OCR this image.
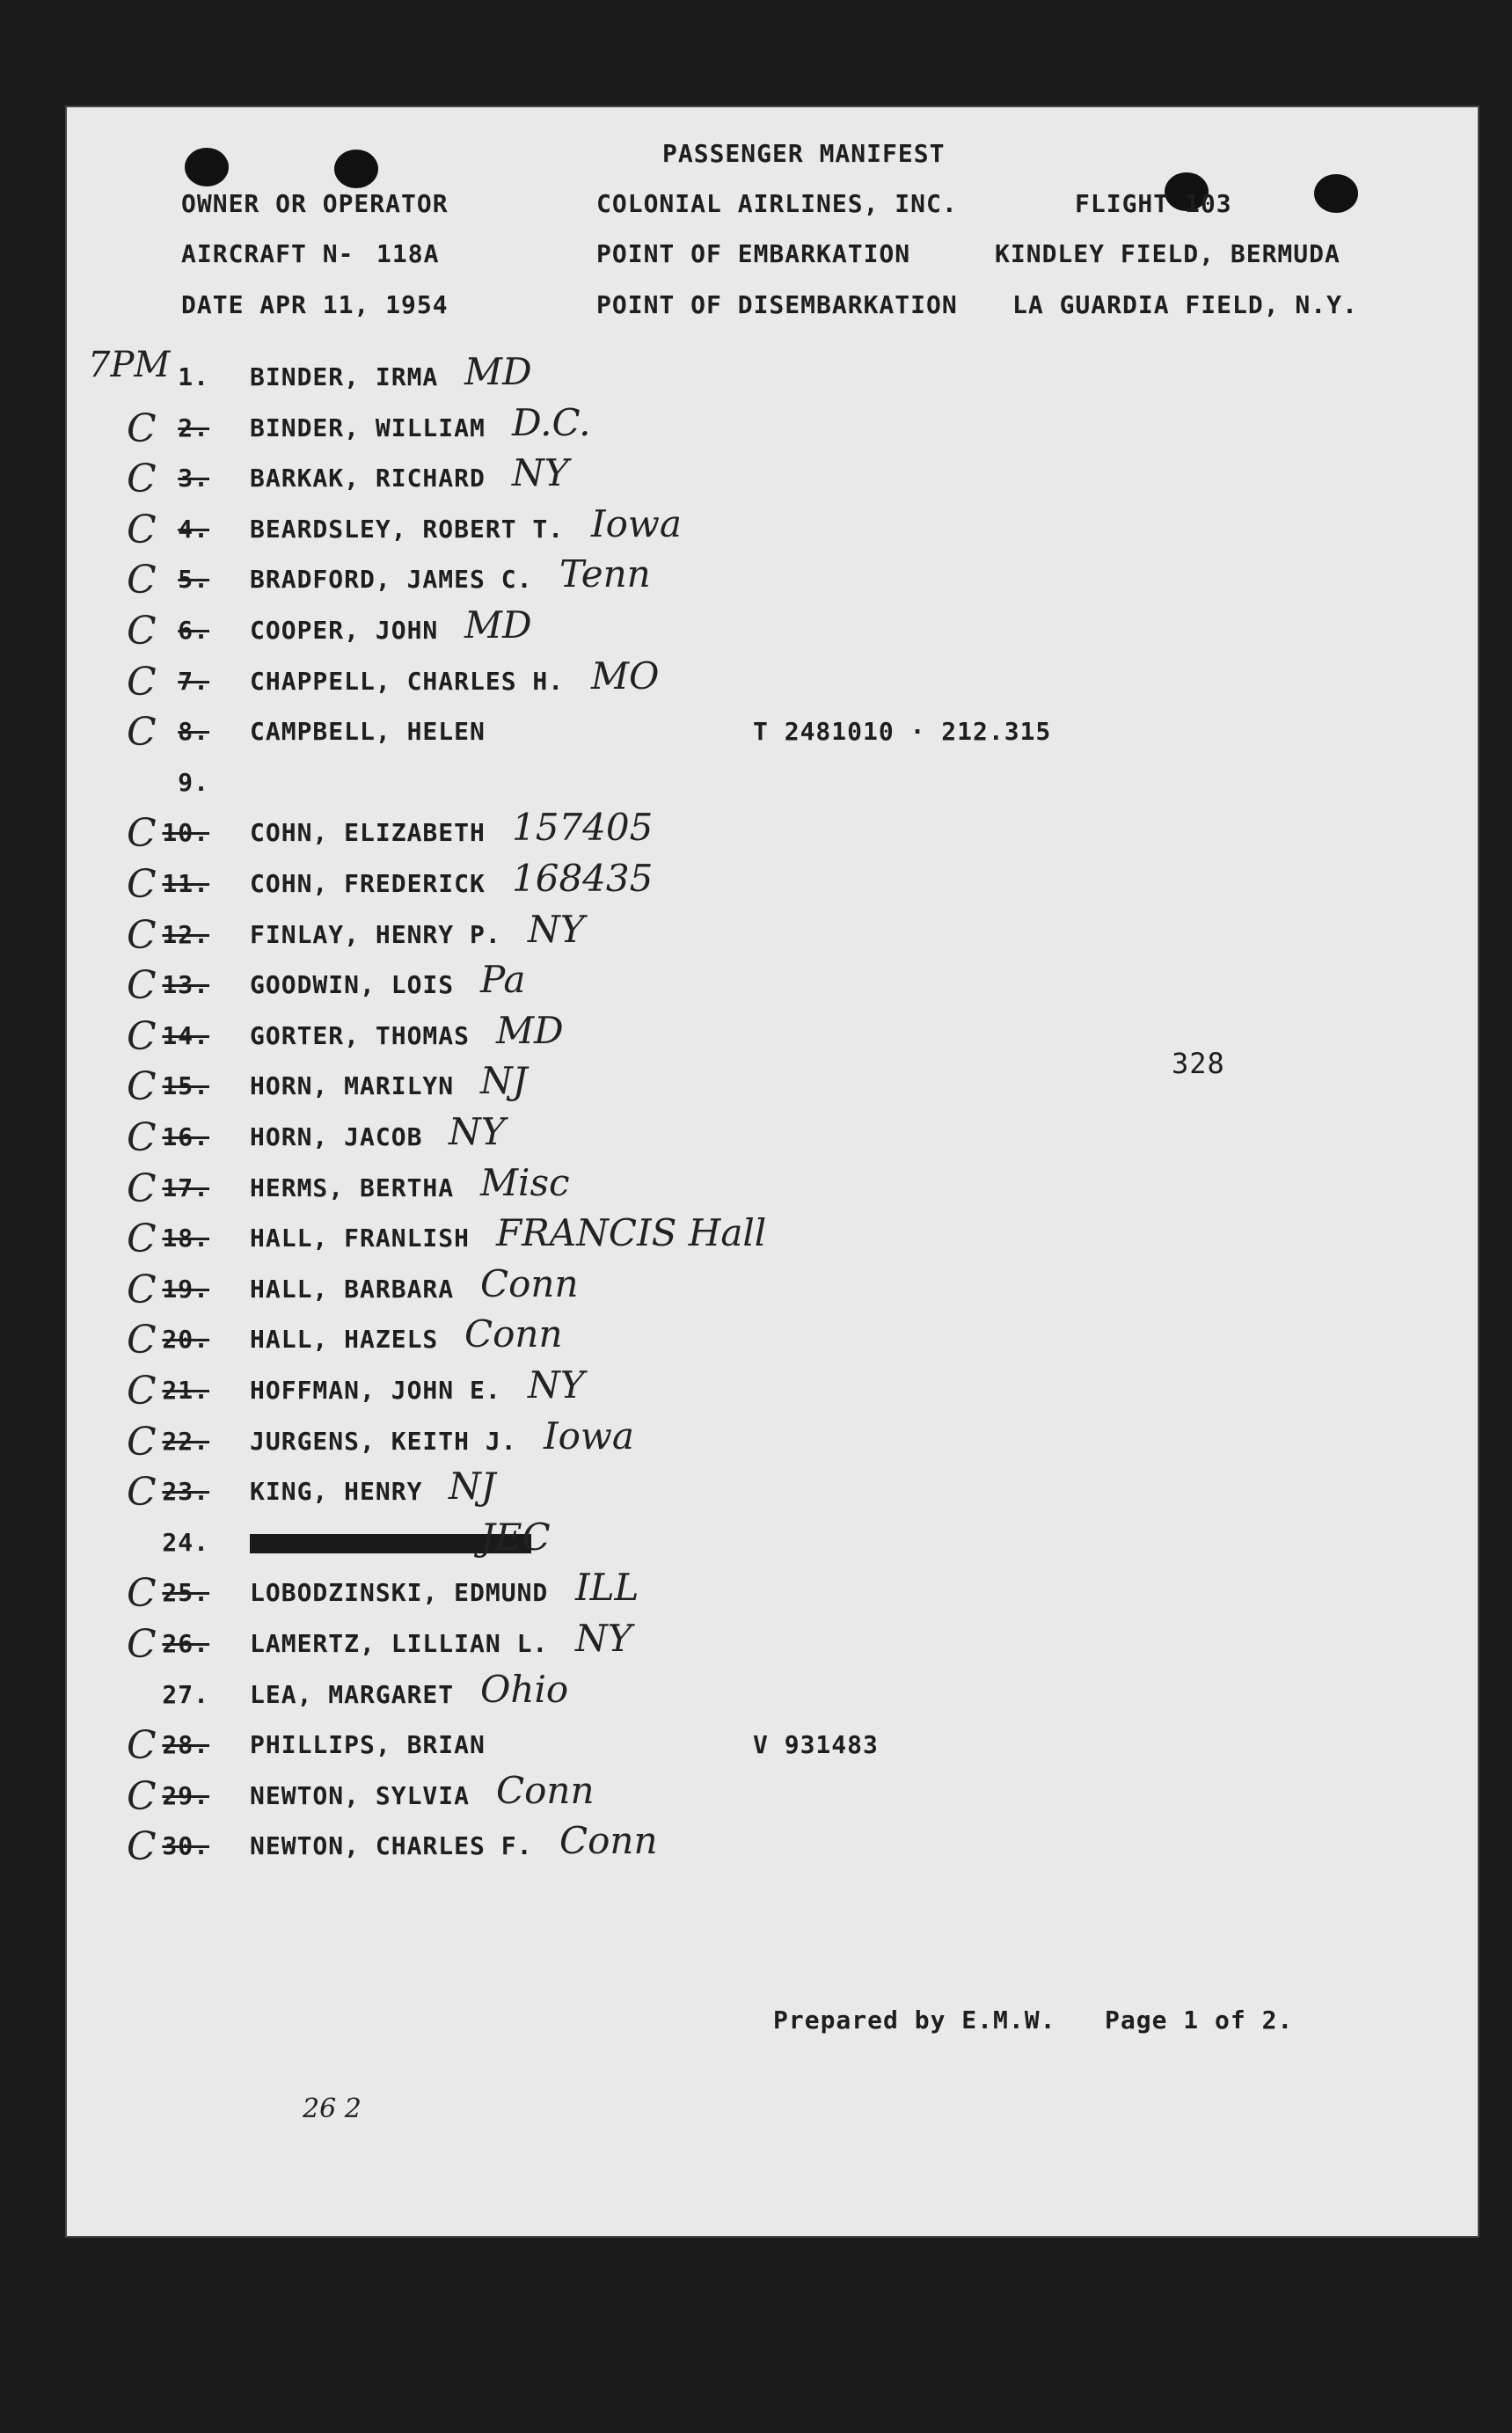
PASSENGER MANIFEST
OWNER OR OPERATOR	COLONIAL AIRLINES, INC.	FLIGHT 103
AIRCRAFT N- 118A	POINT OF EMBARKATION	KINDLEY FIELD, BERMUDA
DATE APR 11, 1954	POINT OF DISEMBARKATION LA GUARDIA FIELD, N.Y.
7PM 1. BINDER, IRMA MD
C 2. BINDER, WILLIAM D.C.
C 3. BARKAK, RICHARD NY
C 4. BEARDSLEY, ROBERT T. Iowa
C 5. BRADFORD, JAMES C. Tenn
C 6. COOPER, JOHN MD
C 7. CHAPPELL, CHARLES H. MO
C 8. CAMPBELL, HELEN	T 2481010 · 212.315
9.
C 10. COHN, ELIZABETH 157405
C 11. COHN, FREDERICK 168435
C 12. FINLAY, HENRY P. NY
C 13. GOODWIN, LOIS Pa
C 14. GORTER, THOMAS MD
C 15. HORN, MARILYN NJ
C 16. HORN, JACOB NY
C 17. HERMS, BERTHA Misc
C 18. HALL, FRANLISH FRANCIS Hall
C 19. HALL, BARBARA Conn
C 20. HALL, HAZELS Conn
C 21. HOFFMAN, JOHN E. NY
C 22. JURGENS, KEITH J. Iowa
C 23. KING, HENRY NJ
24.	JEC
C 25. LOBODZINSKI, EDMUND ILL
C 26. LAMERTZ, LILLIAN L. NY
27. LEA, MARGARET Ohio
C 28. PHILLIPS, BRIAN	V 931483
C 29. NEWTON, SYLVIA Conn
C 30. NEWTON, CHARLES F. Conn
328
Prepared by E.M.W. Page 1 of 2.
26 2
